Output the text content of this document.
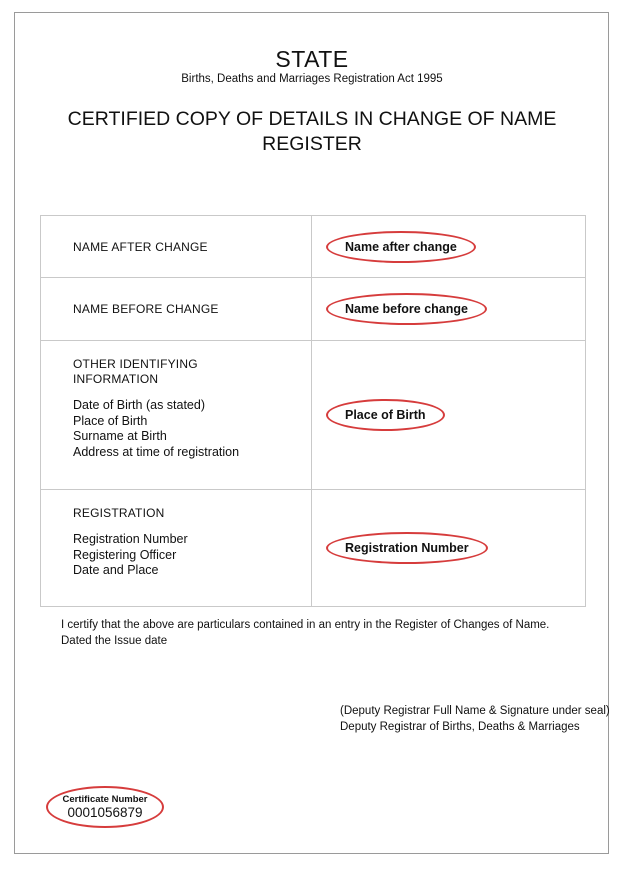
STATE
Births, Deaths and Marriages Registration Act 1995
CERTIFIED COPY OF DETAILS IN CHANGE OF NAME REGISTER
NAME AFTER CHANGE	Name after change
NAME BEFORE CHANGE	Name before change
OTHER IDENTIFYING INFORMATION
Date of Birth (as stated)
Place of Birth
Surname at Birth
Address at time of registration
Place of Birth
REGISTRATION
Registration Number
Registering Officer
Date and Place
Registration Number
I certify that the above are particulars contained in an entry in the Register of Changes of Name.
Dated the Issue date
(Deputy Registrar Full Name & Signature under seal)
Deputy Registrar of Births, Deaths & Marriages
Certificate Number
0001056879
